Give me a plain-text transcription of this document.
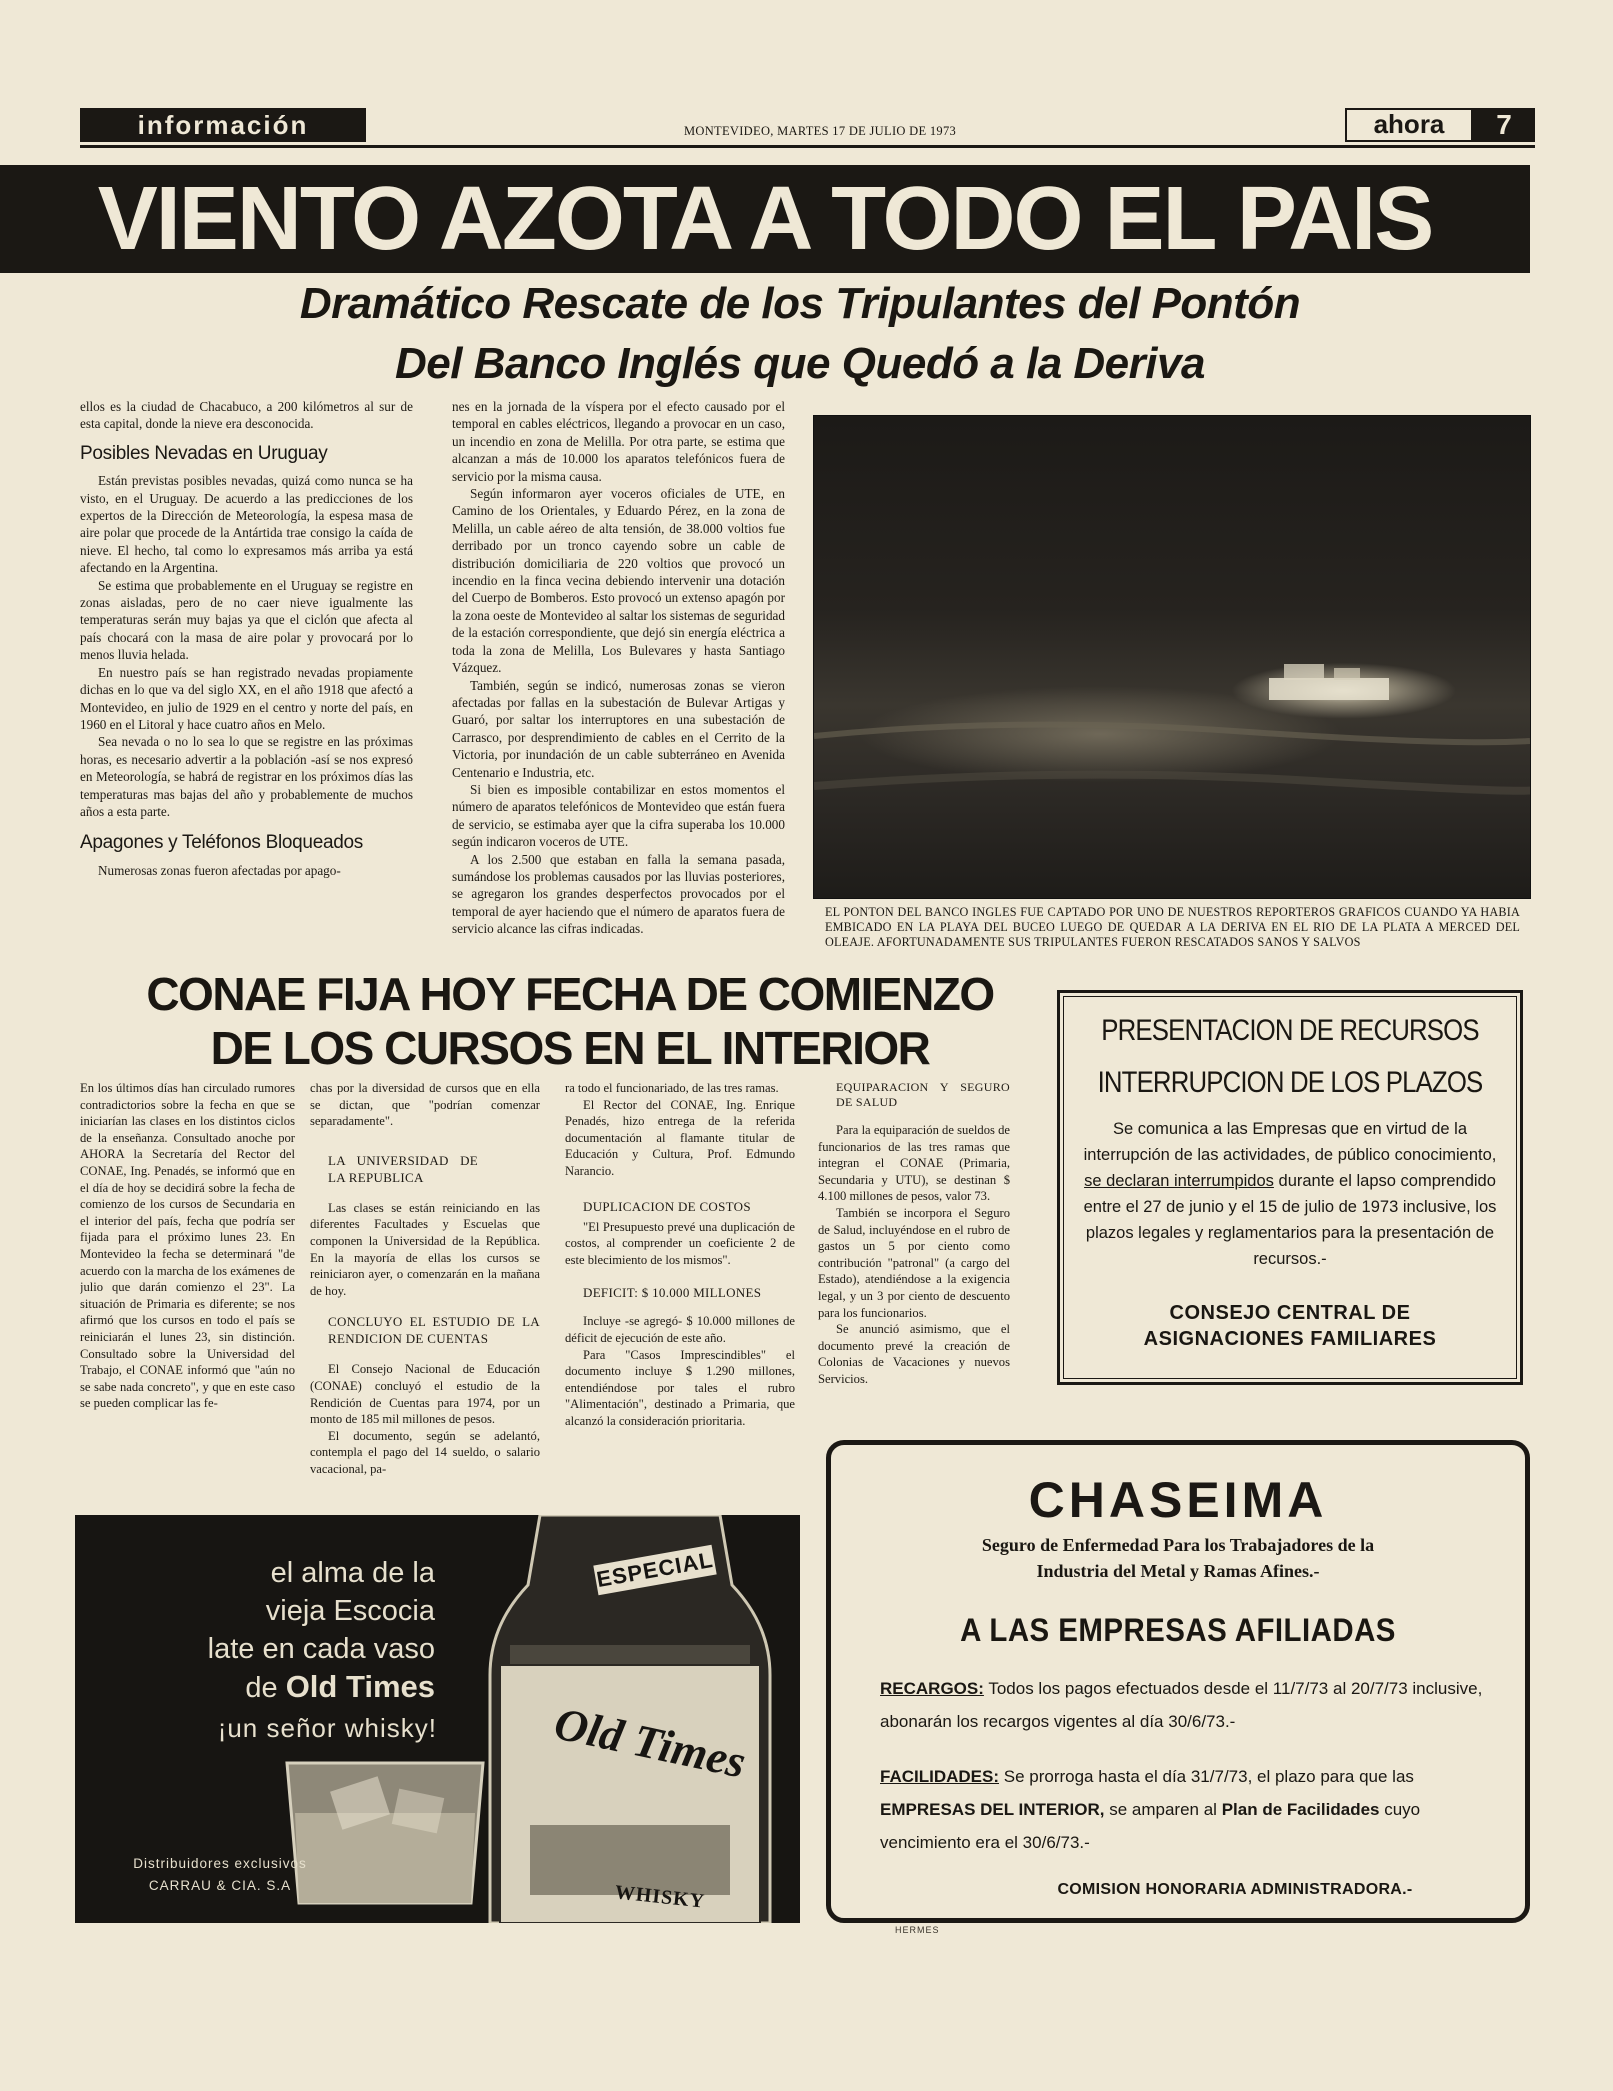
información	MONTEVIDEO, MARTES 17 DE JULIO DE 1973	ahora	7
VIENTO AZOTA A TODO EL PAIS
Dramático Rescate de los Tripulantes del Pontón
Del Banco Inglés que Quedó a la Deriva

ellos es la ciudad de Chacabuco, a 200 kilómetros al sur de esta capital, donde la nieve era desconocida.

Posibles Nevadas en Uruguay

Están previstas posibles nevadas, quizá como nunca se ha visto, en el Uruguay. De acuerdo a las predicciones de los expertos de la Dirección de Meteorología, la espesa masa de aire polar que procede de la Antártida trae consigo la caída de nieve. El hecho, tal como lo expresamos más arriba ya está afectando en la Argentina.

Se estima que probablemente en el Uruguay se registre en zonas aisladas, pero de no caer nieve igualmente las temperaturas serán muy bajas ya que el ciclón que afecta al país chocará con la masa de aire polar y provocará por lo menos lluvia helada.

En nuestro país se han registrado nevadas propiamente dichas en lo que va del siglo XX, en el año 1918 que afectó a Montevideo, en julio de 1929 en el centro y norte del país, en 1960 en el Litoral y hace cuatro años en Melo.

Sea nevada o no lo sea lo que se registre en las próximas horas, es necesario advertir a la población -así se nos expresó en Meteorología, se habrá de registrar en los próximos días las temperaturas mas bajas del año y probablemente de muchos años a esta parte.

Apagones y Teléfonos Bloqueados

Numerosas zonas fueron afectadas por apago-

nes en la jornada de la víspera por el efecto causado por el temporal en cables eléctricos, llegando a provocar en un caso, un incendio en zona de Melilla. Por otra parte, se estima que alcanzan a más de 10.000 los aparatos telefónicos fuera de servicio por la misma causa.

Según informaron ayer voceros oficiales de UTE, en Camino de los Orientales, y Eduardo Pérez, en la zona de Melilla, un cable aéreo de alta tensión, de 38.000 voltios fue derribado por un tronco cayendo sobre un cable de distribución domiciliaria de 220 voltios que provocó un incendio en la finca vecina debiendo intervenir una dotación del Cuerpo de Bomberos. Esto provocó un extenso apagón por la zona oeste de Montevideo al saltar los sistemas de seguridad de la estación correspondiente, que dejó sin energía eléctrica a toda la zona de Melilla, Los Bulevares y hasta Santiago Vázquez.

También, según se indicó, numerosas zonas se vieron afectadas por fallas en la subestación de Bulevar Artigas y Guaró, por saltar los interruptores en una subestación de Carrasco, por desprendimiento de cables en el Cerrito de la Victoria, por inundación de un cable subterráneo en Avenida Centenario e Industria, etc.

Si bien es imposible contabilizar en estos momentos el número de aparatos telefónicos de Montevideo que están fuera de servicio, se estimaba ayer que la cifra superaba los 10.000 según indicaron voceros de UTE.

A los 2.500 que estaban en falla la semana pasada, sumándose los problemas causados por las lluvias posteriores, se agregaron los grandes desperfectos provocados por el temporal de ayer haciendo que el número de aparatos fuera de servicio alcance las cifras indicadas.

EL PONTON DEL BANCO INGLES FUE CAPTADO POR UNO DE NUESTROS REPORTEROS GRAFICOS CUANDO YA HABIA EMBICADO EN LA PLAYA DEL BUCEO LUEGO DE QUEDAR A LA DERIVA EN EL RIO DE LA PLATA A MERCED DEL OLEAJE. AFORTUNADAMENTE SUS TRIPULANTES FUERON RESCATADOS SANOS Y SALVOS
CONAE FIJA HOY FECHA DE COMIENZO
DE LOS CURSOS EN EL INTERIOR

En los últimos días han circulado rumores contradictorios sobre la fecha en que se iniciarían las clases en los distintos ciclos de la enseñanza. Consultado anoche por AHORA la Secretaría del Rector del CONAE, Ing. Penadés, se informó que en el día de hoy se decidirá sobre la fecha de comienzo de los cursos de Secundaria en el interior del país, fecha que podría ser fijada para el próximo lunes 23. En Montevideo la fecha se determinará "de acuerdo con la marcha de los exámenes de julio que darán comienzo el 23". La situación de Primaria es diferente; se nos afirmó que los cursos en todo el país se reiniciarán el lunes 23, sin distinción. Consultado sobre la Universidad del Trabajo, el CONAE informó que "aún no se sabe nada concreto", y que en este caso se pueden complicar las fe-

chas por la diversidad de cursos que en ella se dictan, que "podrían comenzar separadamente".

LA UNIVERSIDAD DE LA REPUBLICA

Las clases se están reiniciando en las diferentes Facultades y Escuelas que componen la Universidad de la República. En la mayoría de ellas los cursos se reiniciaron ayer, o comenzarán en la mañana de hoy.

CONCLUYO EL ESTUDIO DE LA RENDICION DE CUENTAS

El Consejo Nacional de Educación (CONAE) concluyó el estudio de la Rendición de Cuentas para 1974, por un monto de 185 mil millones de pesos.

El documento, según se adelantó, contempla el pago del 14 sueldo, o salario vacacional, pa-

ra todo el funcionariado, de las tres ramas.

El Rector del CONAE, Ing. Enrique Penadés, hizo entrega de la referida documentación al flamante titular de Educación y Cultura, Prof. Edmundo Narancio.

DUPLICACION DE COSTOS

"El Presupuesto prevé una duplicación de costos, al comprender un coeficiente 2 de este blecimiento de los mismos".

DEFICIT: $ 10.000 MILLONES

Incluye -se agregó- $ 10.000 millones de déficit de ejecución de este año.

Para "Casos Imprescindibles" el documento incluye $ 1.290 millones, entendiéndose por tales el rubro "Alimentación", destinado a Primaria, que alcanzó la consideración prioritaria.

EQUIPARACION Y SEGURO DE SALUD

Para la equiparación de sueldos de funcionarios de las tres ramas que integran el CONAE (Primaria, Secundaria y UTU), se destinan $ 4.100 millones de pesos, valor 73.

También se incorpora el Seguro de Salud, incluyéndose en el rubro de gastos un 5 por ciento como contribución "patronal" (a cargo del Estado), atendiéndose a la exigencia legal, y un 3 por ciento de descuento para los funcionarios.

Se anunció asimismo, que el documento prevé la creación de Colonias de Vacaciones y nuevos Servicios.

PRESENTACION DE RECURSOS
INTERRUPCION DE LOS PLAZOS
Se comunica a las Empresas que en virtud de la interrupción de las actividades, de público conocimiento, se declaran interrumpidos durante el lapso comprendido entre el 27 de junio y el 15 de julio de 1973 inclusive, los plazos legales y reglamentarios para la presentación de recursos.-
CONSEJO CENTRAL DE
ASIGNACIONES FAMILIARES
el alma de la
vieja Escocia
late en cada vaso
de Old Times
¡un señor whisky!
ESPECIAL
Old Times
WHISKY
Distribuidores exclusivos
CARRAU & CIA. S.A
CHASEIMA
Seguro de Enfermedad Para los Trabajadores de la
Industria del Metal y Ramas Afines.-
A LAS EMPRESAS AFILIADAS
RECARGOS: Todos los pagos efectuados desde el 11/7/73 al 20/7/73 inclusive, abonarán los recargos vigentes al día 30/6/73.-
FACILIDADES: Se prorroga hasta el día 31/7/73, el plazo para que las EMPRESAS DEL INTERIOR, se amparen al Plan de Facilidades cuyo vencimiento era el 30/6/73.-
COMISION HONORARIA ADMINISTRADORA.-
HERMES
